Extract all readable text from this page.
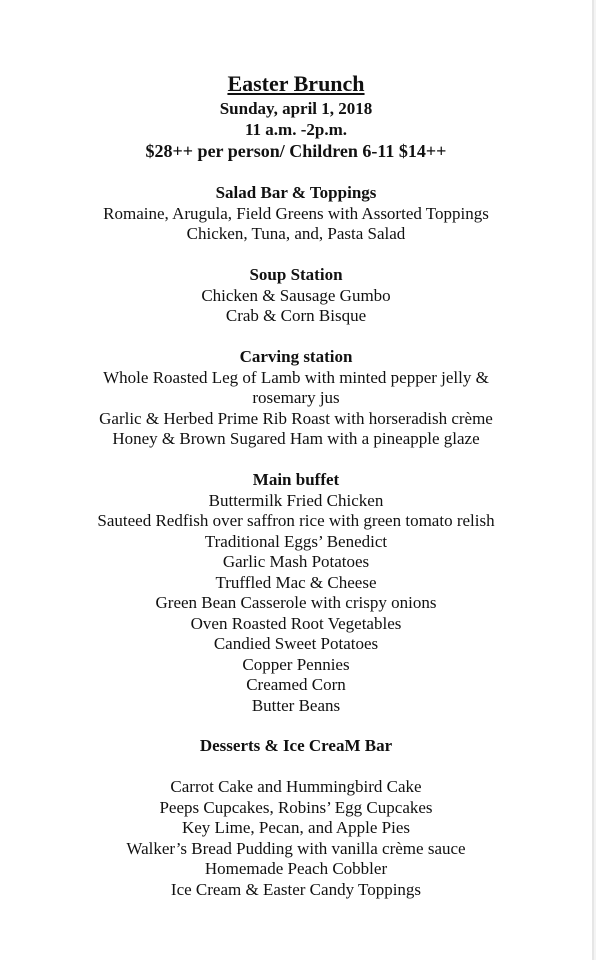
Easter Brunch
Sunday, april 1, 2018
11 a.m. -2p.m.
$28++ per person/ Children 6-11 $14++
Salad Bar & Toppings
Romaine, Arugula, Field Greens with Assorted Toppings
Chicken, Tuna, and, Pasta Salad
Soup Station
Chicken & Sausage Gumbo
Crab & Corn Bisque
Carving station
Whole Roasted Leg of Lamb with minted pepper jelly & rosemary jus
Garlic & Herbed Prime Rib Roast with horseradish crème
Honey & Brown Sugared Ham with a pineapple glaze
Main buffet
Buttermilk Fried Chicken
Sauteed Redfish over saffron rice with green tomato relish
Traditional Eggs’ Benedict
Garlic Mash Potatoes
Truffled Mac & Cheese
Green Bean Casserole with crispy onions
Oven Roasted Root Vegetables
Candied Sweet Potatoes
Copper Pennies
Creamed Corn
Butter Beans
Desserts & Ice CreaM Bar
Carrot Cake and Hummingbird Cake
Peeps Cupcakes, Robins’ Egg Cupcakes
Key Lime, Pecan, and Apple Pies
Walker’s Bread Pudding with vanilla crème sauce
Homemade Peach Cobbler
Ice Cream & Easter Candy Toppings
